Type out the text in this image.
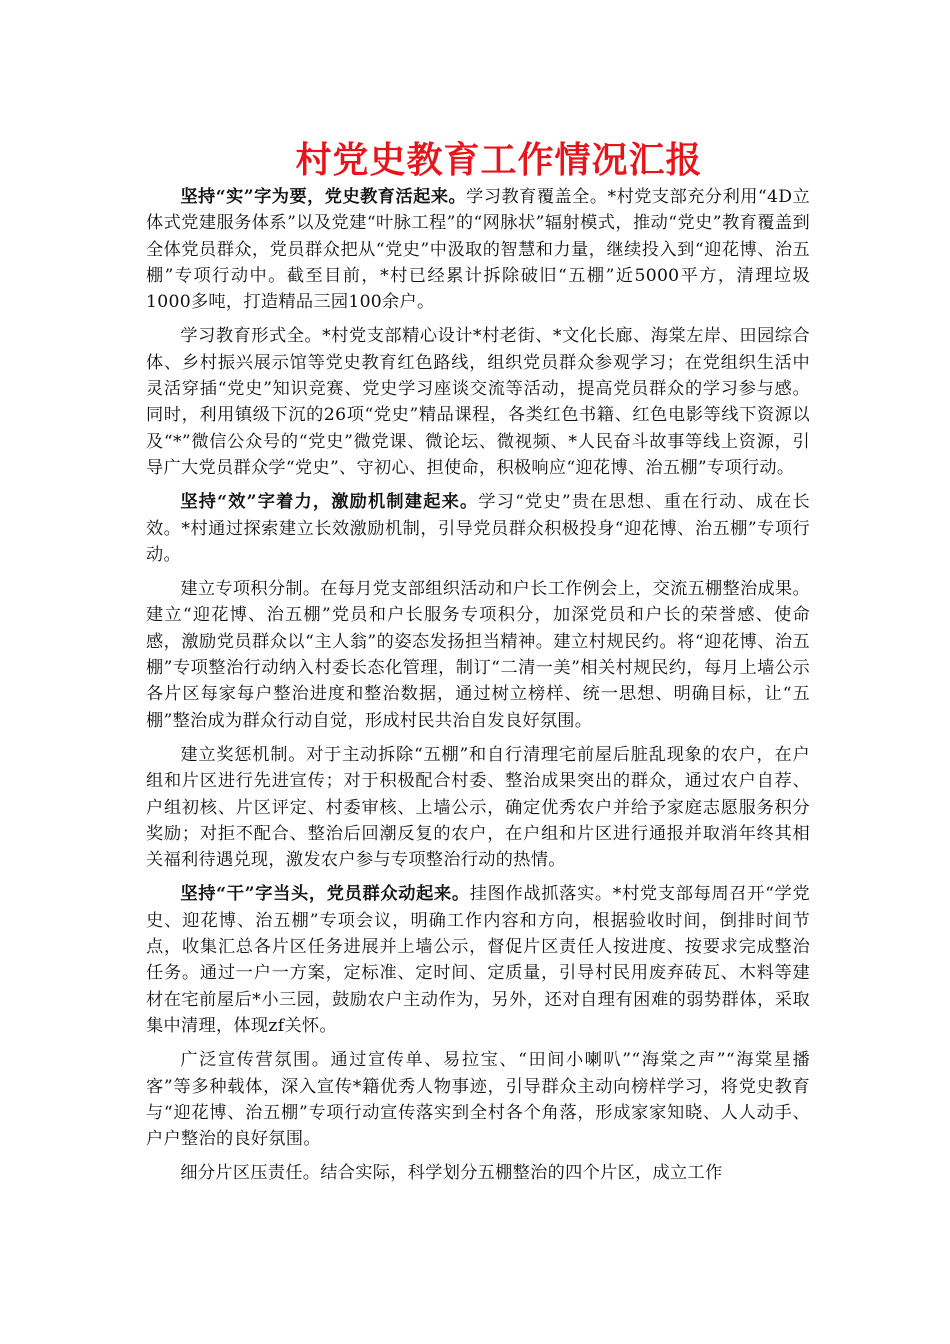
村党史教育工作情况汇报

坚持“实”字为要，党史教育活起来。学习教育覆盖全。*村党支部充分利用“4D立体式党建服务体系”以及党建“叶脉工程”的“网脉状”辐射模式，推动“党史”教育覆盖到全体党员群众，党员群众把从“党史”中汲取的智慧和力量，继续投入到“迎花博、治五棚”专项行动中。截至目前，*村已经累计拆除破旧“五棚”近5000平方，清理垃圾1000多吨，打造精品三园100余户。

学习教育形式全。*村党支部精心设计*村老街、*文化长廊、海棠左岸、田园综合体、乡村振兴展示馆等党史教育红色路线，组织党员群众参观学习；在党组织生活中灵活穿插“党史”知识竞赛、党史学习座谈交流等活动，提高党员群众的学习参与感。同时，利用镇级下沉的26项“党史”精品课程，各类红色书籍、红色电影等线下资源以及“*”微信公众号的“党史”微党课、微论坛、微视频、*人民奋斗故事等线上资源，引导广大党员群众学“党史”、守初心、担使命，积极响应“迎花博、治五棚”专项行动。

坚持“效”字着力，激励机制建起来。学习“党史”贵在思想、重在行动、成在长效。*村通过探索建立长效激励机制，引导党员群众积极投身“迎花博、治五棚”专项行动。

建立专项积分制。在每月党支部组织活动和户长工作例会上，交流五棚整治成果。建立“迎花博、治五棚”党员和户长服务专项积分，加深党员和户长的荣誉感、使命感，激励党员群众以“主人翁”的姿态发扬担当精神。建立村规民约。将“迎花博、治五棚”专项整治行动纳入村委长态化管理，制订“二清一美”相关村规民约，每月上墙公示各片区每家每户整治进度和整治数据，通过树立榜样、统一思想、明确目标，让“五棚”整治成为群众行动自觉，形成村民共治自发良好氛围。

建立奖惩机制。对于主动拆除“五棚”和自行清理宅前屋后脏乱现象的农户，在户组和片区进行先进宣传；对于积极配合村委、整治成果突出的群众，通过农户自荐、户组初核、片区评定、村委审核、上墙公示，确定优秀农户并给予家庭志愿服务积分奖励；对拒不配合、整治后回潮反复的农户，在户组和片区进行通报并取消年终其相关福利待遇兑现，激发农户参与专项整治行动的热情。

坚持“干”字当头，党员群众动起来。挂图作战抓落实。*村党支部每周召开“学党史、迎花博、治五棚”专项会议，明确工作内容和方向，根据验收时间，倒排时间节点，收集汇总各片区任务进展并上墙公示，督促片区责任人按进度、按要求完成整治任务。通过一户一方案，定标准、定时间、定质量，引导村民用废弃砖瓦、木料等建材在宅前屋后*小三园，鼓励农户主动作为，另外，还对自理有困难的弱势群体，采取集中清理，体现zf关怀。

广泛宣传营氛围。通过宣传单、易拉宝、“田间小喇叭”“海棠之声”“海棠星播客”等多种载体，深入宣传*籍优秀人物事迹，引导群众主动向榜样学习，将党史教育与“迎花博、治五棚”专项行动宣传落实到全村各个角落，形成家家知晓、人人动手、户户整治的良好氛围。

细分片区压责任。结合实际，科学划分五棚整治的四个片区，成立工作
